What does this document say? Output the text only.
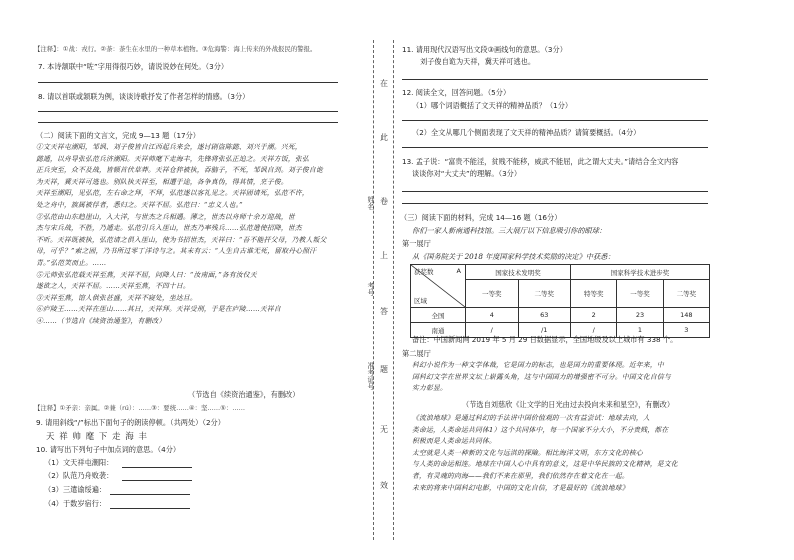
【注释】：①战：戎行。②荼：荼生在水里的一种草本植物。③危海警：海上传来的外战报民的警报。
7. 本诗颔联中“咗”字用得很巧妙，请说说妙在何处。（3分）
8. 请以首联或颔联为例，谈谈诗歌抒发了作者怎样的情感。（3分）
（二）阅读下面的文言文，完成 9—13 题（17分）
①文天祥屯潮阳，邹讽、刘子俊皆自江西起兵来会，遂讨剧盗陈懿、刘兴于潮。兴死，
懿遁，以舟导张弘范兵济潮阳。天祥帅麾下走海丰，先锋将张弘正追之。天祥方饭，张弘
正兵突至，众不及战，皆顿首伏草莽。天祥仓猝被执，吞脑子，不死，邹讽自刭。刘子俊自诡
为天祥，冀天祥可逃也。别队执天祥至，相遭于途，各争真伪，得其情，烹子俊。
天祥至潮阳，见弘范，左右命之拜，不拜，弘范遂以客礼见之。天祥固请死，弘范不许，
处之舟中，族属被俘者，悉归之。天祥不屈。弘范曰：“忠义人也。”
②弘范由山东趋崖山，入大洋，与世杰之兵相遇。薄之，世杰以舟师十余万迎战，世
杰与宋兵战，不胜，乃遁走。弘范引兵入厓山，世杰乃率残兵……弘范遣使招降，世杰
不听。天祥既被执，弘范请之俱入厓山，使为书招世杰，天祥曰：“吾不能扞父母，乃教人叛父
母，可乎？”索之固，乃书所过零丁洋诗与之。其末有云：“人生自古谁无死，留取丹心照汗
青。”弘范笑而止。……
⑤元帅张弘范载天祥至燕，天祥不屈，问降人曰：“汝南面，”各有汝仪天
遂欲之人，天祥不屈。……天祥至燕，不四十日。
③天祥至燕，馆人供张甚盛，天祥不寝处，坐达旦。
⑥庐陵王……天祥在厓山……其日，天祥拜。天祥受刑，于是在庐陵……天祥自
④……（节选自《续资治通鉴》，有删改）
（节选自《续资治通鉴》，有删改）
【注释】①矛亲：亲属。②兼（rú）：……③：要统……④：坚……⑤：……
9. 请用斜线“/”标出下面句子的朗读停顿。（共两处）（2分）
天 祥 帅 麾 下 走 海 丰
10. 请写出下列句子中加点词的意思。（4分）
（1）文天祥屯潮阳：
（2）队范乃舟败袭：
（3）三遣谕绥遍：
（4）于数岁宿行：
在
此
卷
上
答
题
无
效
姓名
考号
准考证号
11. 请用现代汉语写出文段③画线句的意思。（3分）
刘子俊自诡为天祥，冀天祥可逃也。
12. 阅读全文，回答问题。（5分）
（1）哪个词语概括了文天祥的精神品质？（1分）
（2）全文从哪几个侧面表现了文天祥的精神品质？请简要概括。（4分）
13. 孟子说：“富贵不能淫，贫贱不能移，威武不能屈，此之谓大丈夫。”请结合全文内容
谈谈你对“大丈夫”的理解。（3分）
（三）阅读下面的材料，完成 14—16 题（16分）
你们一家人新南通科技馆。三大展厅以下信息吸引你的眼球：
第一展厅
从《国务院关于 2018 年度国家科学技术奖励的决定》中获悉：
获奖数 A
区域	国家技术发明奖		国家科学技术进步奖		
	一等奖	二等奖	特等奖	一等奖	二等奖
全国	4	63	2	23	148
南通	/	/1	/	1	3
备注：中国新闻网 2019 年 5 月 29 日数据显示，全国地级及以上城市有 338 个。
第二展厅
科幻小说作为一种文学体裁，它是国力的标志，也是国力的重要体现。近年来，中
国科幻文学在世界文坛上崭露头角，这与中国国力的增强密不可分。中国文化自信与
实力彰显。
（节选自刘慈欣《让文学的日光由过去投向未来和星空》，有删改）
《流浪地球》是通过科幻的手法讲中国价值观的一次有益尝试：地球去向，人
类命运，人类命运共同体1）这个共同体中，每一个国家不分大小，不分贵贱，都在
积极而是人类命运共同体。
太空就是人类一种新的文化与远洪的探險。相比海洋文明，东方文化的核心
与人类的命运相连。地球在中国人心中具有的意义，这是中华民族的文化精神，是文化
者，有灵魂的向海——我们不来在那里，我们依然存在着文化在一起。
未來的将来中国科幻电影，中国的文化自信，才是最好的《流浪地球》
